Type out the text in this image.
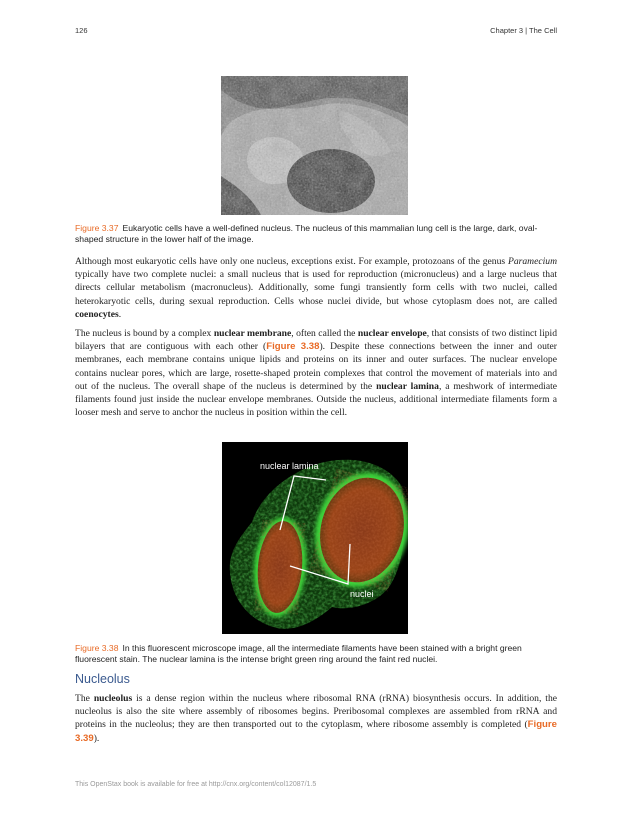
126	Chapter 3 | The Cell
Figure 3.37 Eukaryotic cells have a well-defined nucleus. The nucleus of this mammalian lung cell is the large, dark, oval-shaped structure in the lower half of the image.

Although most eukaryotic cells have only one nucleus, exceptions exist. For example, protozoans of the genus Paramecium typically have two complete nuclei: a small nucleus that is used for reproduction (micronucleus) and a large nucleus that directs cellular metabolism (macronucleus). Additionally, some fungi transiently form cells with two nuclei, called heterokaryotic cells, during sexual reproduction. Cells whose nuclei divide, but whose cytoplasm does not, are called coenocytes.

The nucleus is bound by a complex nuclear membrane, often called the nuclear envelope, that consists of two distinct lipid bilayers that are contiguous with each other (Figure 3.38). Despite these connections between the inner and outer membranes, each membrane contains unique lipids and proteins on its inner and outer surfaces. The nuclear envelope contains nuclear pores, which are large, rosette-shaped protein complexes that control the movement of materials into and out of the nucleus. The overall shape of the nucleus is determined by the nuclear lamina, a meshwork of intermediate filaments found just inside the nuclear envelope membranes. Outside the nucleus, additional intermediate filaments form a looser mesh and serve to anchor the nucleus in position within the cell.

nuclear lamina
nuclei
Figure 3.38 In this fluorescent microscope image, all the intermediate filaments have been stained with a bright green fluorescent stain. The nuclear lamina is the intense bright green ring around the faint red nuclei.
Nucleolus

The nucleolus is a dense region within the nucleus where ribosomal RNA (rRNA) biosynthesis occurs. In addition, the nucleolus is also the site where assembly of ribosomes begins. Preribosomal complexes are assembled from rRNA and proteins in the nucleolus; they are then transported out to the cytoplasm, where ribosome assembly is completed (Figure 3.39).

This OpenStax book is available for free at http://cnx.org/content/col12087/1.5
